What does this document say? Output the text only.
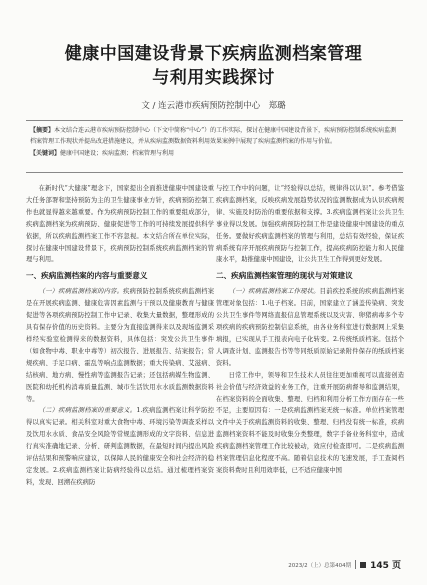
健康中国建设背景下疾病监测档案管理
与利用实践探讨
文 / 连云港市疾病预防控制中心　郑璐
【摘要】本文结合连云港市疾病预防控制中心（下文中简称“中心”）的工作实际，探讨在健康中国建设背景下，疾病预防控制系统疾病监测档案管理工作现状并提出改进措施建议，并从疾病监测数据资料利用效果案例中展现了疾病监测档案的作用与价值。
【关键词】健康中国建设；疾病监测；档案管理与利用

在新时代“大健康”理念下，国家提出全面推进健康中国建设重大任务部署和坚持预防为主的卫生健康事业方针，疾病预防控制工作也就显得越来越重要。作为疾病预防控制工作的重要组成部分，疾病监测档案为疾病预防、健康促进等工作的可持续发展提供科学依据，所以疾病监测档案工作不容忽视。本文结合所在单位实际，探讨在健康中国建设背景下，疾病预防控制系统疾病监测档案的管理与利用。

一、疾病监测档案的内容与重要意义

（一）疾病监测档案的内容。疾病预防控制系统疾病监测档案是在开展疾病监测、健康危害因素监测与干预以及健康教育与健康促进等各项疾病预防控制工作中记录、收集大量数据，整理形成的具有保存价值的历史资料。主要分为直接监测得来以及现场监测采样经实验室检测得来的数据资料，具体包括：突发公共卫生事件（如食物中毒、职业中毒等）初次报告、进展报告、结案报告；常规疾病、手足口病、霍乱等响点监测数据；重大传染病、艾滋病、结核病、地方病、慢性病等监测报告记录；还包括病媒生物监测、医院和幼托机构消毒质量监测、城市生活饮用水水质监测数据资料等。

（二）疾病监测档案的重要意义。1.疾病监测档案让科学防控得以真实记录。相关科室对重大食物中毒、环境污染等调查采样以及饮用水水质、食品安全风险等常规监测形成的文字资料、信息进行真实准确地记录、分析、研判监测数据，在最短时间内提出风险评估结果和预警响应建议，以保障人民的健康安全和社会经济的稳定发展。2.疾病监测档案让防病经验得以总结。通过梳理档案资料，发现、回溯在疾病防

与控工作中的问题，让“经验得以总结，规律得以认识”。参考借鉴疾病监测档案，反映疾病发展趋势状况的监测数据成为认识疾病规律、实施及时防治的重要依据和支撑。3.疾病监测档案让公共卫生事业得以发展。加强疾病预防控制工作是建设健康中国建设的重点任务。要做好疾病监测档案的管理与利用，总结有效经验，保证疾病系统有序开展疾病预防与控制工作，提高疾病防控能力和人民健康水平，助推健康中国建设，让公共卫生工作得到更好发展。

二、疾病监测档案管理的现状与对策建议

（一）疾病监测档案工作现状。目前疾控系统的疾病监测档案管理对象包括：1.电子档案。目前，国家建立了涵盖传染病、突发公共卫生事件等网络直报信息管理系统以及灾害、卵猪病毒多个专项疾病的疾病预防控制信息系统，由各业务科室进行数据网上采集填报，已实现从手工报表向电子化转变。2.传统纸质档案。包括个人调查计划、监测报告书等等同纸质原始记录附件保存的纸质档案资料。

日常工作中，领导和卫生技术人员往往更加重视可以直接创造社会价值与经济效益的业务工作，注重开展防病督导和监测结果，在档案资料的全面收集、整理、归档和利用分析工作方面存在一些不足，主要原因有：一是疾病监测档案无统一标准。单位档案管理文件中关于疾病监测资料的收集、整理、归档没有统一标准，疾病监测档案资料不能及时收集分类整理，数字手备业务科室中，造成疾病监测档案管理工作比较被动，效应付检查即可。二是疾病监测档案管理信息化程度不高。随着信息技术的飞速发展，手工查阅档案资料费时且利用效率低，已不适应健康中国

2023/2（上）总第404期 145 页
